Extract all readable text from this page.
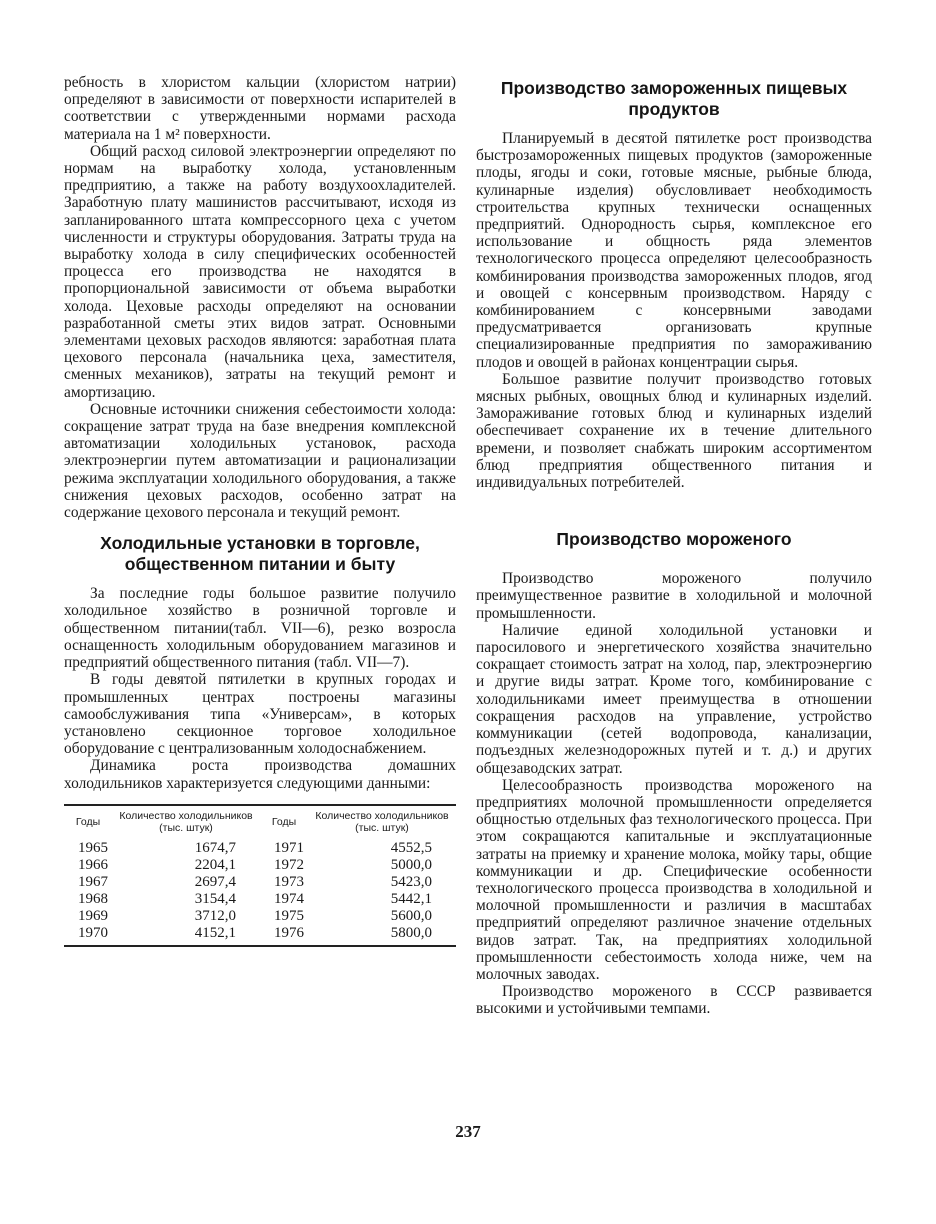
ребность в хлористом кальции (хлористом натрии) определяют в зависимости от поверхности испарителей в соответствии с утвержденными нормами расхода материала на 1 м² поверхности.

Общий расход силовой электроэнергии определяют по нормам на выработку холода, установленным предприятию, а также на работу воздухоохладителей. Заработную плату машинистов рассчитывают, исходя из запланированного штата компрессорного цеха с учетом численности и структуры оборудования. Затраты труда на выработку холода в силу специфических особенностей процесса его производства не находятся в пропорциональной зависимости от объема выработки холода. Цеховые расходы определяют на основании разработанной сметы этих видов затрат. Основными элементами цеховых расходов являются: заработная плата цехового персонала (начальника цеха, заместителя, сменных механиков), затраты на текущий ремонт и амортизацию.

Основные источники снижения себестоимости холода: сокращение затрат труда на базе внедрения комплексной автоматизации холодильных установок, расхода электроэнергии путем автоматизации и рационализации режима эксплуатации холодильного оборудования, а также снижения цеховых расходов, особенно затрат на содержание цехового персонала и текущий ремонт.

Холодильные установки в торговле, общественном питании и быту

За последние годы большое развитие получило холодильное хозяйство в розничной торговле и общественном питании(табл. VII—6), резко возросла оснащенность холодильным оборудованием магазинов и предприятий общественного питания (табл. VII—7).

В годы девятой пятилетки в крупных городах и промышленных центрах построены магазины самообслуживания типа «Универсам», в которых установлено секционное торговое холодильное оборудование с централизованным холодоснабжением.

Динамика роста производства домашних холодильников характеризуется следующими данными:

Годы	Количество холодильников (тыс. штук)	Годы	Количество холодильников (тыс. штук)
1965	1674,7	1971	4552,5
1966	2204,1	1972	5000,0
1967	2697,4	1973	5423,0
1968	3154,4	1974	5442,1
1969	3712,0	1975	5600,0
1970	4152,1	1976	5800,0
Производство замороженных пищевых продуктов

Планируемый в десятой пятилетке рост производства быстрозамороженных пищевых продуктов (замороженные плоды, ягоды и соки, готовые мясные, рыбные блюда, кулинарные изделия) обусловливает необходимость строительства крупных технически оснащенных предприятий. Однородность сырья, комплексное его использование и общность ряда элементов технологического процесса определяют целесообразность комбинирования производства замороженных плодов, ягод и овощей с консервным производством. Наряду с комбинированием с консервными заводами предусматривается организовать крупные специализированные предприятия по замораживанию плодов и овощей в районах концентрации сырья.

Большое развитие получит производство готовых мясных рыбных, овощных блюд и кулинарных изделий. Замораживание готовых блюд и кулинарных изделий обеспечивает сохранение их в течение длительного времени, и позволяет снабжать широким ассортиментом блюд предприятия общественного питания и индивидуальных потребителей.

Производство мороженого

Производство мороженого получило преимущественное развитие в холодильной и молочной промышленности.

Наличие единой холодильной установки и паросилового и энергетического хозяйства значительно сокращает стоимость затрат на холод, пар, электроэнергию и другие виды затрат. Кроме того, комбинирование с холодильниками имеет преимущества в отношении сокращения расходов на управление, устройство коммуникации (сетей водопровода, канализации, подъездных железнодорожных путей и т. д.) и других общезаводских затрат.

Целесообразность производства мороженого на предприятиях молочной промышленности определяется общностью отдельных фаз технологического процесса. При этом сокращаются капитальные и эксплуатационные затраты на приемку и хранение молока, мойку тары, общие коммуникации и др. Специфические особенности технологического процесса производства в холодильной и молочной промышленности и различия в масштабах предприятий определяют различное значение отдельных видов затрат. Так, на предприятиях холодильной промышленности себестоимость холода ниже, чем на молочных заводах.

Производство мороженого в СССР развивается высокими и устойчивыми темпами.

237
